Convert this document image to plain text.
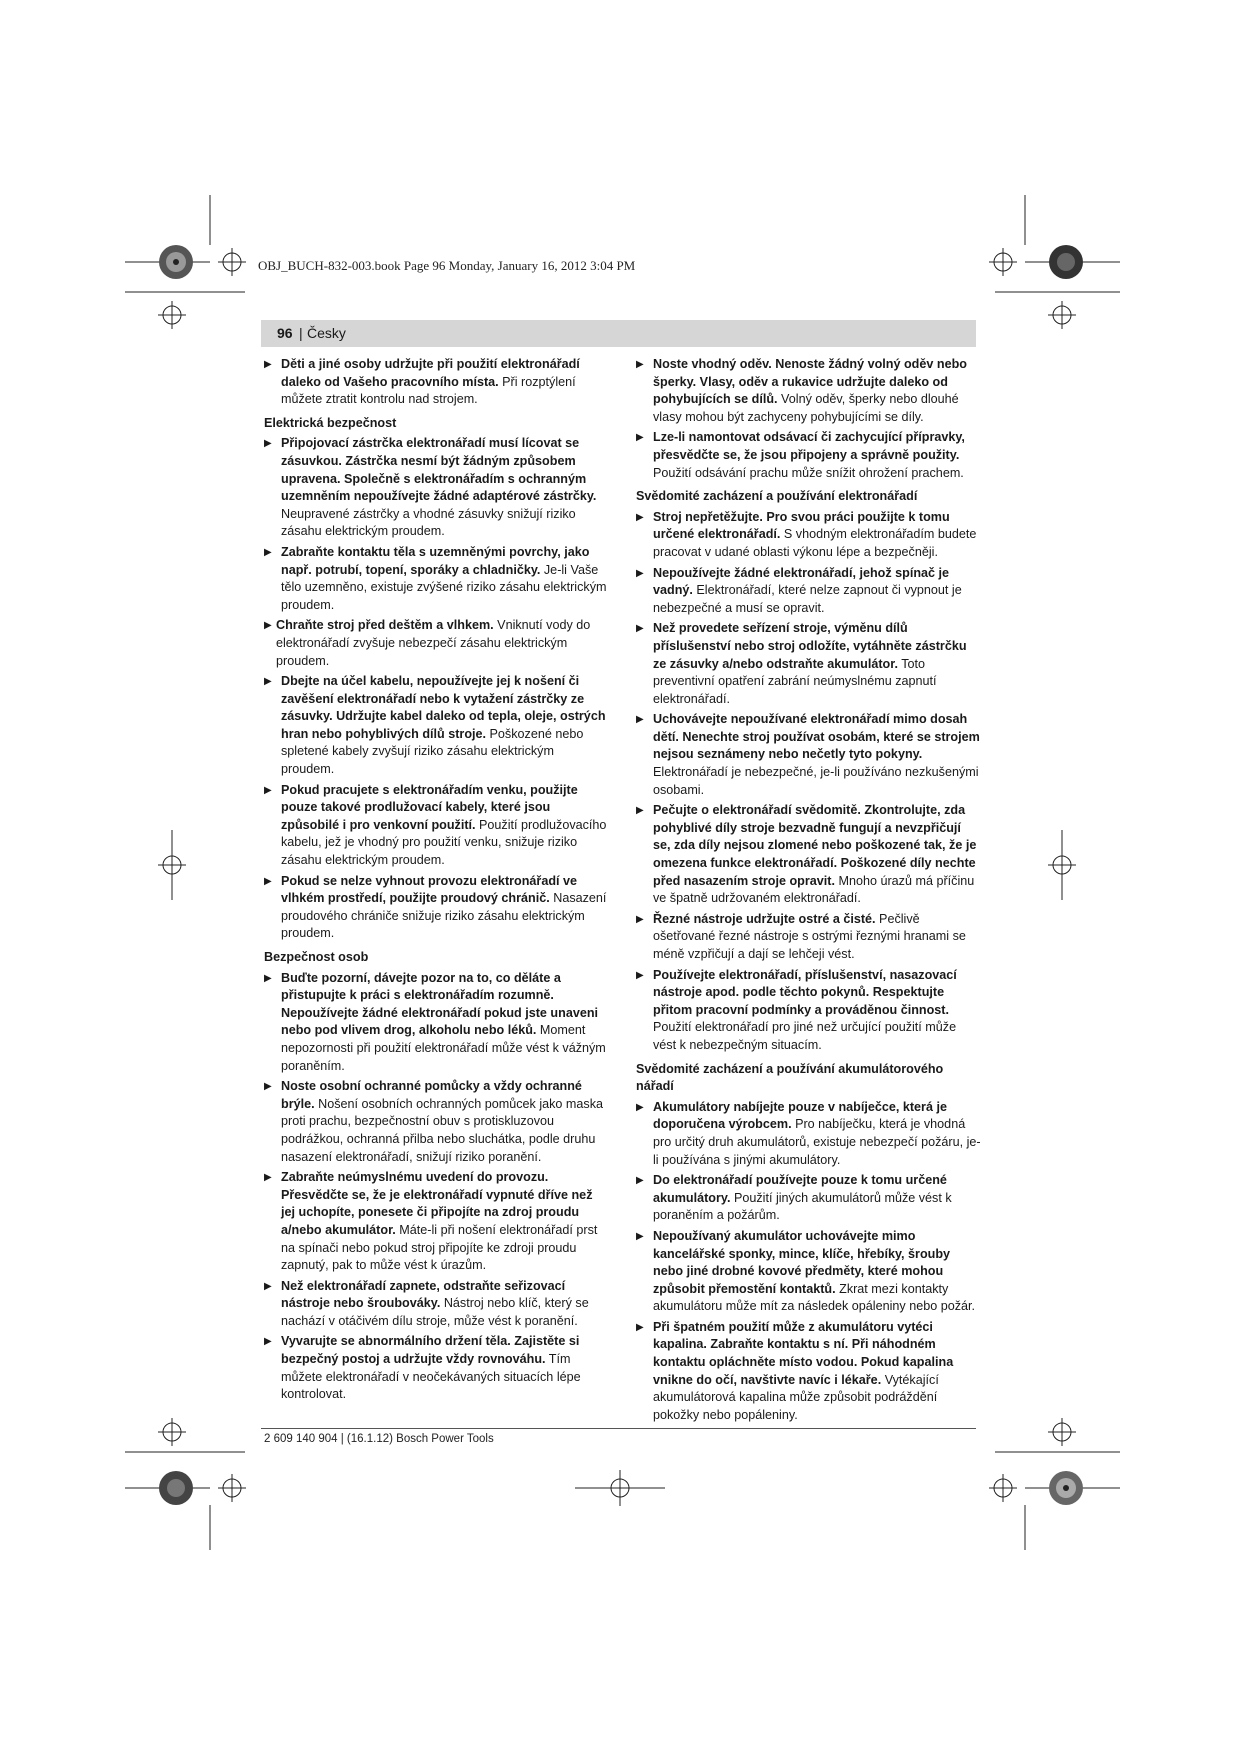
OBJ_BUCH-832-003.book Page 96 Monday, January 16, 2012 3:04 PM
96 | Česky
▶ Děti a jiné osoby udržujte při použití elektronářadí daleko od Vašeho pracovního místa. Při rozptýlení můžete ztratit kontrolu nad strojem.
Elektrická bezpečnost
▶ Připojovací zástrčka elektronářadí musí lícovat se zásuvkou. Zástrčka nesmí být žádným způsobem upravena. Společně s elektronářadím s ochranným uzemněním nepoužívejte žádné adaptérové zástrčky. Neupravené zástrčky a vhodné zásuvky snižují riziko zásahu elektrickým proudem.
▶ Zabraňte kontaktu těla s uzemněnými povrchy, jako např. potrubí, topení, sporáky a chladničky. Je-li Vaše tělo uzemněno, existuje zvýšené riziko zásahu elektrickým proudem.
▶ Chraňte stroj před deštěm a vlhkem. Vniknutí vody do elektronářadí zvyšuje nebezpečí zásahu elektrickým proudem.
▶ Dbejte na účel kabelu, nepoužívejte jej k nošení či zavěšení elektronářadí nebo k vytažení zástrčky ze zásuvky. Udržujte kabel daleko od tepla, oleje, ostrých hran nebo pohyblivých dílů stroje. Poškozené nebo spletené kabely zvyšují riziko zásahu elektrickým proudem.
▶ Pokud pracujete s elektronářadím venku, použijte pouze takové prodlužovací kabely, které jsou způsobilé i pro venkovní použití. Použití prodlužovacího kabelu, jež je vhodný pro použití venku, snižuje riziko zásahu elektrickým proudem.
▶ Pokud se nelze vyhnout provozu elektronářadí ve vlhkém prostředí, použijte proudový chránič. Nasazení proudového chrániče snižuje riziko zásahu elektrickým proudem.
Bezpečnost osob
▶ Buďte pozorní, dávejte pozor na to, co děláte a přistupujte k práci s elektronářadím rozumně. Nepoužívejte žádné elektronářadí pokud jste unaveni nebo pod vlivem drog, alkoholu nebo léků. Moment nepozornosti při použití elektronářadí může vést k vážným poraněním.
▶ Noste osobní ochranné pomůcky a vždy ochranné brýle. Nošení osobních ochranných pomůcek jako maska proti prachu, bezpečnostní obuv s protiskluzovou podrážkou, ochranná přilba nebo sluchátka, podle druhu nasazení elektronářadí, snižují riziko poranění.
▶ Zabraňte neúmyslnému uvedení do provozu. Přesvědčte se, že je elektronářadí vypnuté dříve než jej uchopíte, ponesete či připojíte na zdroj proudu a/nebo akumulátor. Máte-li při nošení elektronářadí prst na spínači nebo pokud stroj připojíte ke zdroji proudu zapnutý, pak to může vést k úrazům.
▶ Než elektronářadí zapnete, odstraňte seřizovací nástroje nebo šroubováky. Nástroj nebo klíč, který se nachází v otáčivém dílu stroje, může vést k poranění.
▶ Vyvarujte se abnormálního držení těla. Zajistěte si bezpečný postoj a udržujte vždy rovnováhu. Tím můžete elektronářadí v neočekávaných situacích lépe kontrolovat.
▶ Noste vhodný oděv. Nenoste žádný volný oděv nebo šperky. Vlasy, oděv a rukavice udržujte daleko od pohybujících se dílů. Volný oděv, šperky nebo dlouhé vlasy mohou být zachyceny pohybujícími se díly.
▶ Lze-li namontovat odsávací či zachycující přípravky, přesvědčte se, že jsou připojeny a správně použity. Použití odsávání prachu může snížit ohrožení prachem.
Svědomité zacházení a používání elektronářadí
▶ Stroj nepřetěžujte. Pro svou práci použijte k tomu určené elektronářadí. S vhodným elektronářadím budete pracovat v udané oblasti výkonu lépe a bezpečněji.
▶ Nepoužívejte žádné elektronářadí, jehož spínač je vadný. Elektronářadí, které nelze zapnout či vypnout je nebezpečné a musí se opravit.
▶ Než provedete seřízení stroje, výměnu dílů příslušenství nebo stroj odložíte, vytáhněte zástrčku ze zásuvky a/nebo odstraňte akumulátor. Toto preventivní opatření zabrání neúmyslnému zapnutí elektronářadí.
▶ Uchovávejte nepoužívané elektronářadí mimo dosah dětí. Nenechte stroj používat osobám, které se strojem nejsou seznámeny nebo nečetly tyto pokyny. Elektronářadí je nebezpečné, je-li používáno nezkušenými osobami.
▶ Pečujte o elektronářadí svědomitě. Zkontrolujte, zda pohyblivé díly stroje bezvadně fungují a nevzpřičují se, zda díly nejsou zlomené nebo poškozené tak, že je omezena funkce elektronářadí. Poškozené díly nechte před nasazením stroje opravit. Mnoho úrazů má příčinu ve špatně udržovaném elektronářadí.
▶ Řezné nástroje udržujte ostré a čisté. Pečlivě ošetřované řezné nástroje s ostrými řeznými hranami se méně vzpřičují a dají se lehčeji vést.
▶ Používejte elektronářadí, příslušenství, nasazovací nástroje apod. podle těchto pokynů. Respektujte přitom pracovní podmínky a prováděnou činnost. Použití elektronářadí pro jiné než určující použití může vést k nebezpečným situacím.
Svědomité zacházení a používání akumulátorového nářadí
▶ Akumulátory nabíjejte pouze v nabíječce, která je doporučena výrobcem. Pro nabíječku, která je vhodná pro určitý druh akumulátorů, existuje nebezpečí požáru, je-li používána s jinými akumulátory.
▶ Do elektronářadí používejte pouze k tomu určené akumulátory. Použití jiných akumulátorů může vést k poraněním a požárům.
▶ Nepoužívaný akumulátor uchovávejte mimo kancelářské sponky, mince, klíče, hřebíky, šrouby nebo jiné drobné kovové předměty, které mohou způsobit přemostění kontaktů. Zkrat mezi kontakty akumulátoru může mít za následek opáleniny nebo požár.
▶ Při špatném použití může z akumulátoru vytéci kapalina. Zabraňte kontaktu s ní. Při náhodném kontaktu opláchněte místo vodou. Pokud kapalina vnikne do očí, navštivte navíc i lékaře. Vytékající akumulátorová kapalina může způsobit podráždění pokožky nebo popáleniny.
2 609 140 904 | (16.1.12) Bosch Power Tools
